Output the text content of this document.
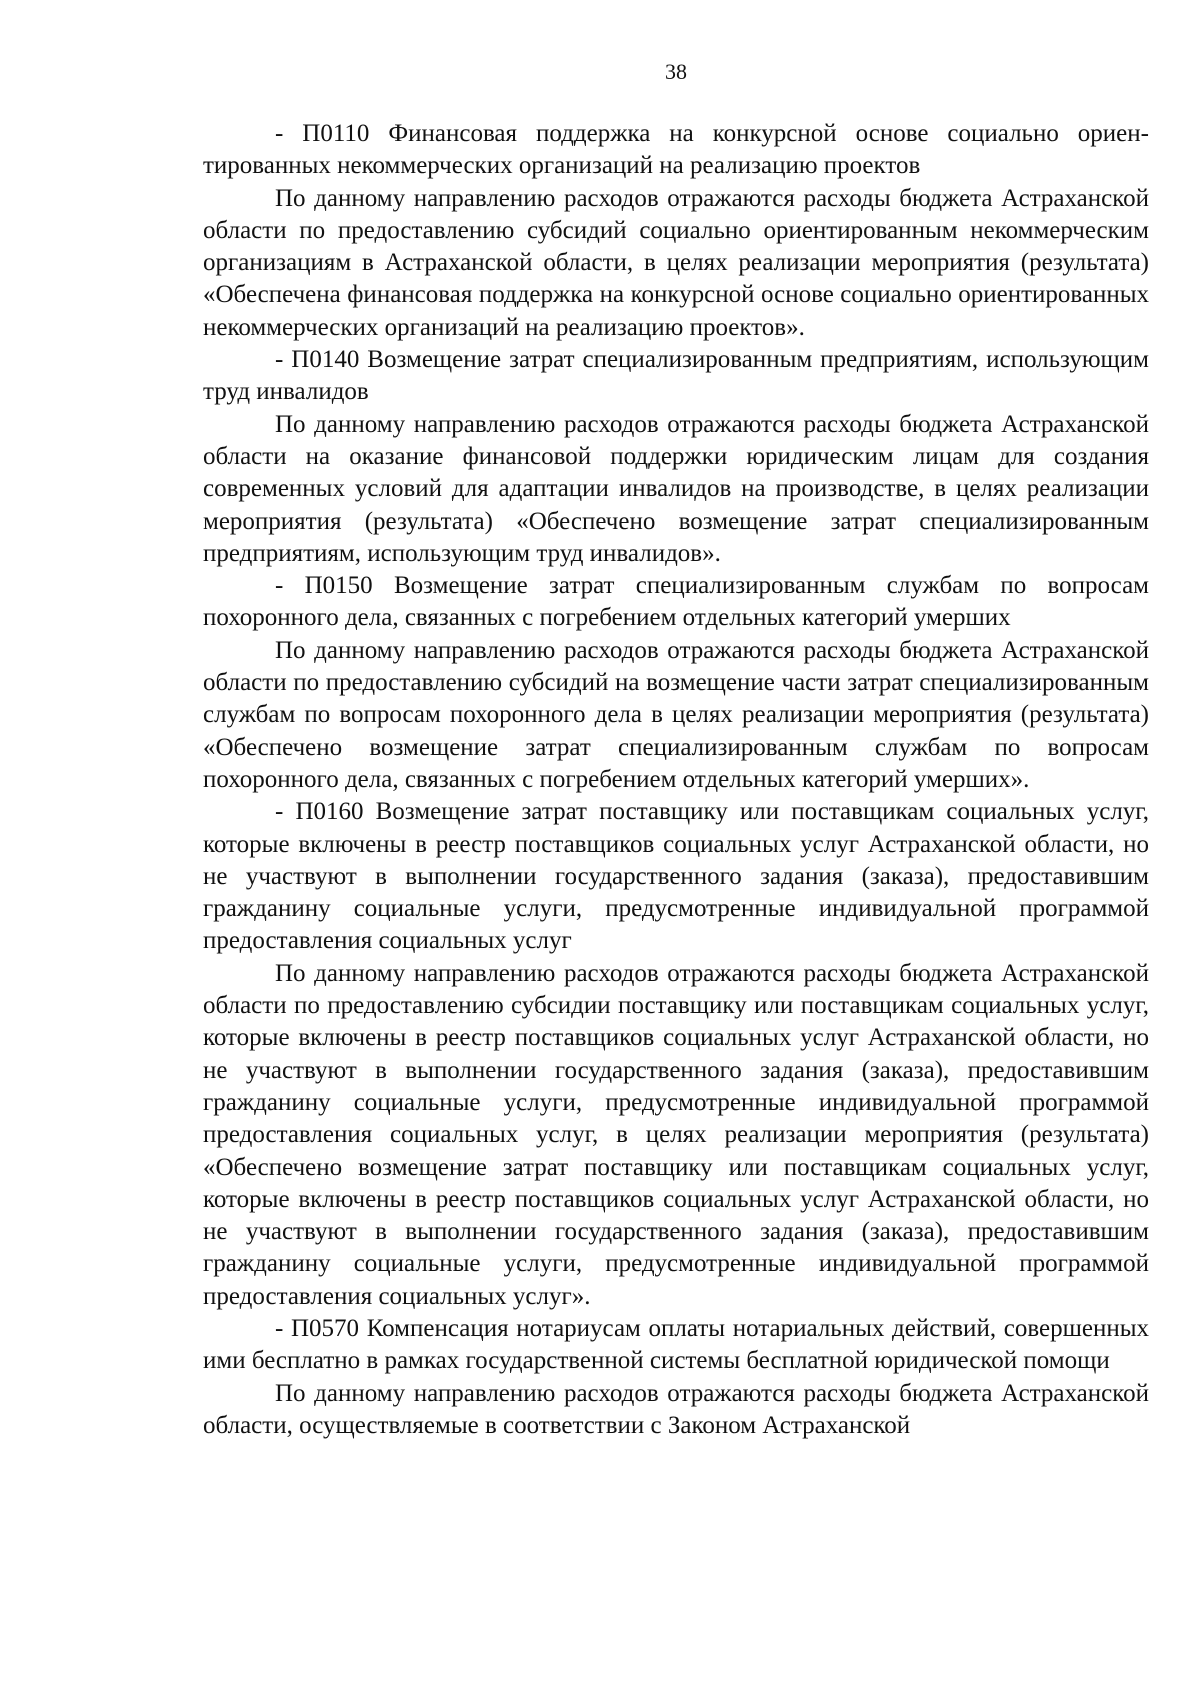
38

- П0110 Финансовая поддержка на конкурсной основе социально ориентированных некоммерческих организаций на реализацию проектов

По данному направлению расходов отражаются расходы бюджета Астраханской области по предоставлению субсидий социально ориентированным некоммерческим организациям в Астраханской области, в целях реализации мероприятия (результата) «Обеспечена финансовая поддержка на конкурсной основе социально ориентированных некоммерческих организаций на реализацию проектов».

- П0140 Возмещение затрат специализированным предприятиям, использующим труд инвалидов

По данному направлению расходов отражаются расходы бюджета Астраханской области на оказание финансовой поддержки юридическим лицам для создания современных условий для адаптации инвалидов на производстве, в целях реализации мероприятия (результата) «Обеспечено возмещение затрат специализированным предприятиям, использующим труд инвалидов».

- П0150 Возмещение затрат специализированным службам по вопросам похоронного дела, связанных с погребением отдельных категорий умерших

По данному направлению расходов отражаются расходы бюджета Астраханской области по предоставлению субсидий на возмещение части затрат специализированным службам по вопросам похоронного дела в целях реализации мероприятия (результата) «Обеспечено возмещение затрат специализированным службам по вопросам похоронного дела, связанных с погребением отдельных категорий умерших».

- П0160 Возмещение затрат поставщику или поставщикам социальных услуг, которые включены в реестр поставщиков социальных услуг Астраханской области, но не участвуют в выполнении государственного задания (заказа), предоставившим гражданину социальные услуги, предусмотренные индивидуальной программой предоставления социальных услуг

По данному направлению расходов отражаются расходы бюджета Астраханской области по предоставлению субсидии поставщику или поставщикам социальных услуг, которые включены в реестр поставщиков социальных услуг Астраханской области, но не участвуют в выполнении государственного задания (заказа), предоставившим гражданину социальные услуги, предусмотренные индивидуальной программой предоставления социальных услуг, в целях реализации мероприятия (результата) «Обеспечено возмещение затрат поставщику или поставщикам социальных услуг, которые включены в реестр поставщиков социальных услуг Астраханской области, но не участвуют в выполнении государственного задания (заказа), предоставившим гражданину социальные услуги, предусмотренные индивидуальной программой предоставления социальных услуг».

- П0570 Компенсация нотариусам оплаты нотариальных действий, совершенных ими бесплатно в рамках государственной системы бесплатной юридической помощи

По данному направлению расходов отражаются расходы бюджета Астраханской области, осуществляемые в соответствии с Законом Астраханской
